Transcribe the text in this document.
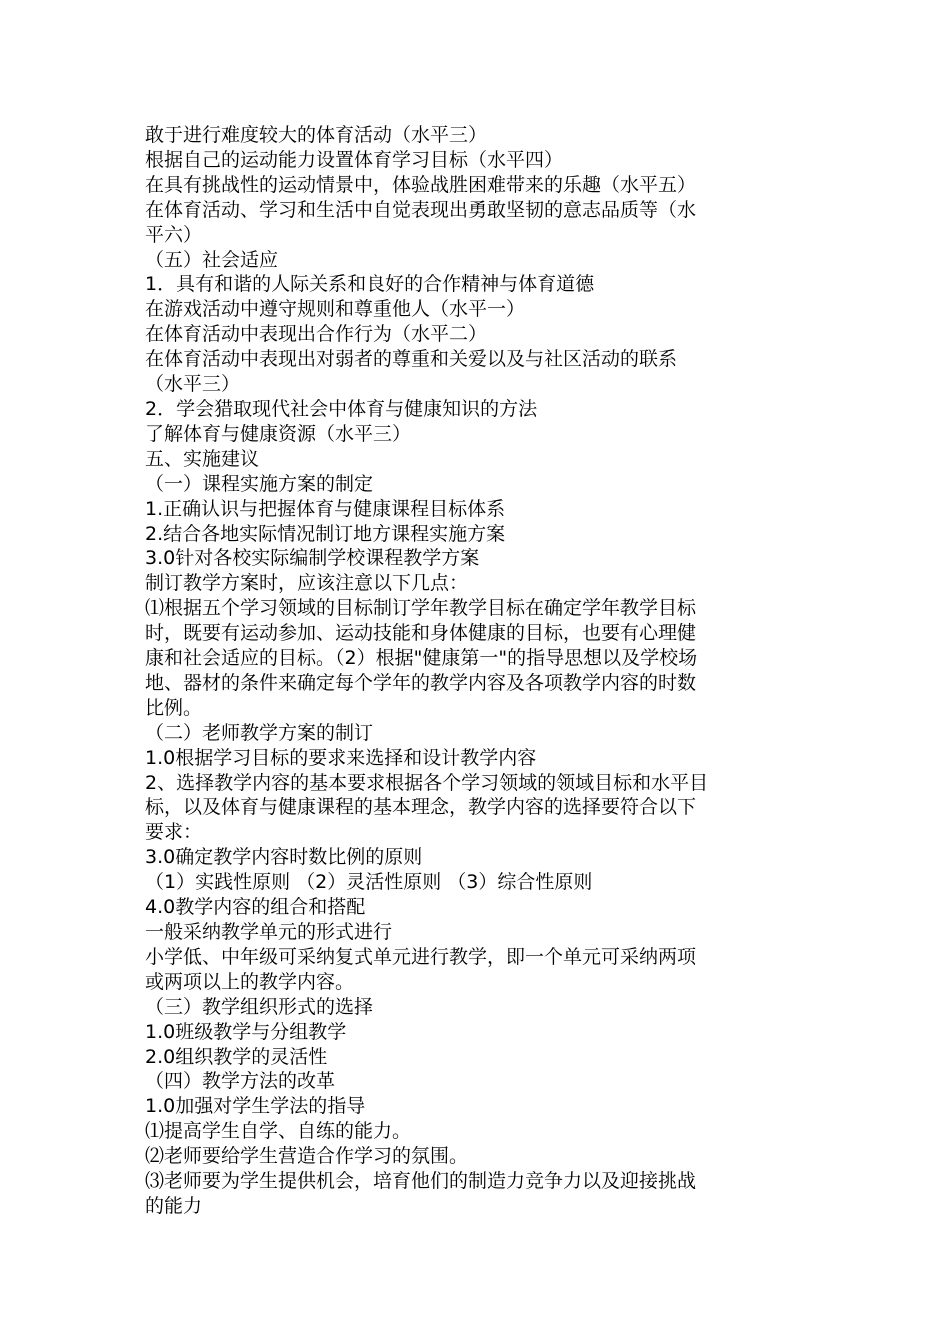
敢于进行难度较大的体育活动（水平三）

根据自己的运动能力设置体育学习目标（水平四）

在具有挑战性的运动情景中，体验战胜困难带来的乐趣（水平五）

在体育活动、学习和生活中自觉表现出勇敢坚韧的意志品质等（水

平六）

（五）社会适应

1．具有和谐的人际关系和良好的合作精神与体育道德

在游戏活动中遵守规则和尊重他人（水平一）

在体育活动中表现出合作行为（水平二）

在体育活动中表现出对弱者的尊重和关爱以及与社区活动的联系

（水平三）

2．学会猎取现代社会中体育与健康知识的方法

了解体育与健康资源（水平三）

五、实施建议

（一）课程实施方案的制定

1.正确认识与把握体育与健康课程目标体系

2.结合各地实际情况制订地方课程实施方案

3.0针对各校实际编制学校课程教学方案

制订教学方案时，应该注意以下几点：

⑴根据五个学习领域的目标制订学年教学目标在确定学年教学目标

时，既要有运动参加、运动技能和身体健康的目标，也要有心理健

康和社会适应的目标。（2）根据"健康第一"的指导思想以及学校场

地、器材的条件来确定每个学年的教学内容及各项教学内容的时数

比例。

（二）老师教学方案的制订

1.0根据学习目标的要求来选择和设计教学内容

2、选择教学内容的基本要求根据各个学习领域的领域目标和水平目

标，以及体育与健康课程的基本理念，教学内容的选择要符合以下

要求：

3.0确定教学内容时数比例的原则

（1）实践性原则 （2）灵活性原则 （3）综合性原则

4.0教学内容的组合和搭配

一般采纳教学单元的形式进行

小学低、中年级可采纳复式单元进行教学，即一个单元可采纳两项

或两项以上的教学内容。

（三）教学组织形式的选择

1.0班级教学与分组教学

2.0组织教学的灵活性

（四）教学方法的改革

1.0加强对学生学法的指导

⑴提高学生自学、自练的能力。

⑵老师要给学生营造合作学习的氛围。

⑶老师要为学生提供机会，培育他们的制造力竞争力以及迎接挑战

的能力
